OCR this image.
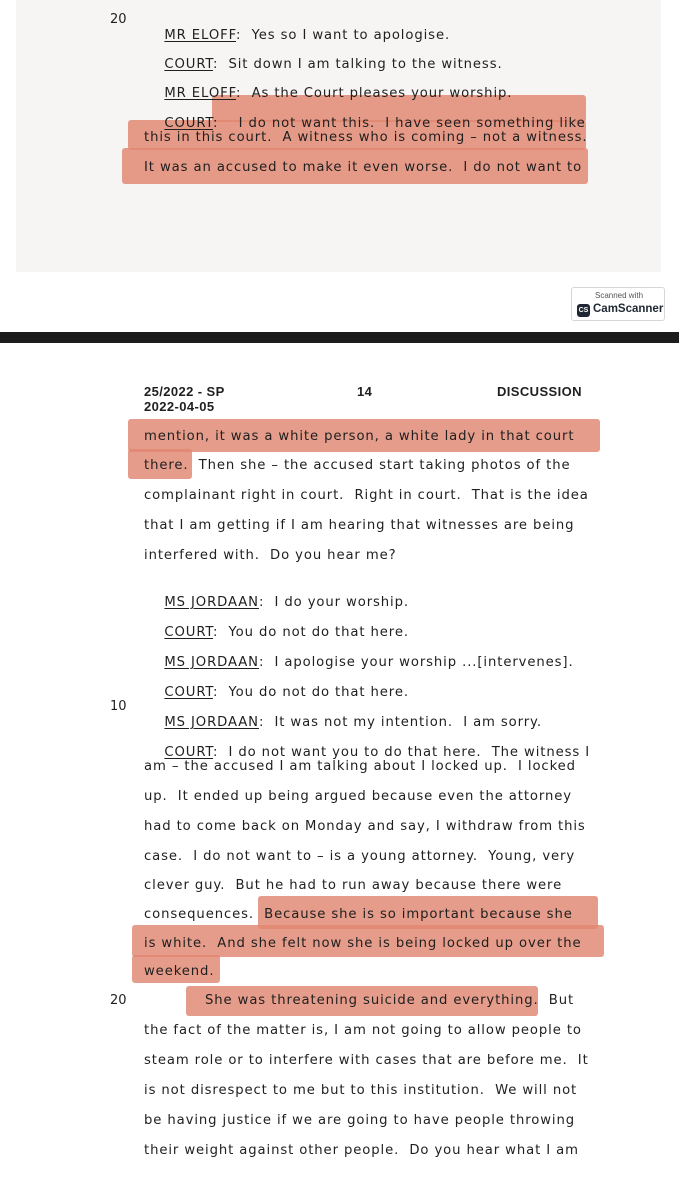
20

MR ELOFF:  Yes so I want to apologise.

COURT:  Sit down I am talking to the witness.

MR ELOFF:  As the Court pleases your worship.

COURT:    I do not want this.  I have seen something like

this in this court.  A witness who is coming – not a witness.
It was an accused to make it even worse.  I do not want to
Scanned with
CS CamScanner
25/2022 - SP
2022-04-05
14	DISCUSSION
10
20
mention, it was a white person, a white lady in that court
there.  Then she – the accused start taking photos of the
complainant right in court.  Right in court.  That is the idea
that I am getting if I am hearing that witnesses are being
interfered with.  Do you hear me?

MS JORDAAN:  I do your worship.

COURT:  You do not do that here.

MS JORDAAN:  I apologise your worship ...[intervenes].

COURT:  You do not do that here.

MS JORDAAN:  It was not my intention.  I am sorry.

COURT:  I do not want you to do that here.  The witness I

am – the accused I am talking about I locked up.  I locked
up.  It ended up being argued because even the attorney
had to come back on Monday and say, I withdraw from this
case.  I do not want to – is a young attorney.  Young, very
clever guy.  But he had to run away because there were
consequences.  Because she is so important because she
is white.  And she felt now she is being locked up over the
weekend.
She was threatening suicide and everything.  But
the fact of the matter is, I am not going to allow people to
steam role or to interfere with cases that are before me.  It
is not disrespect to me but to this institution.  We will not
be having justice if we are going to have people throwing
their weight against other people.  Do you hear what I am
